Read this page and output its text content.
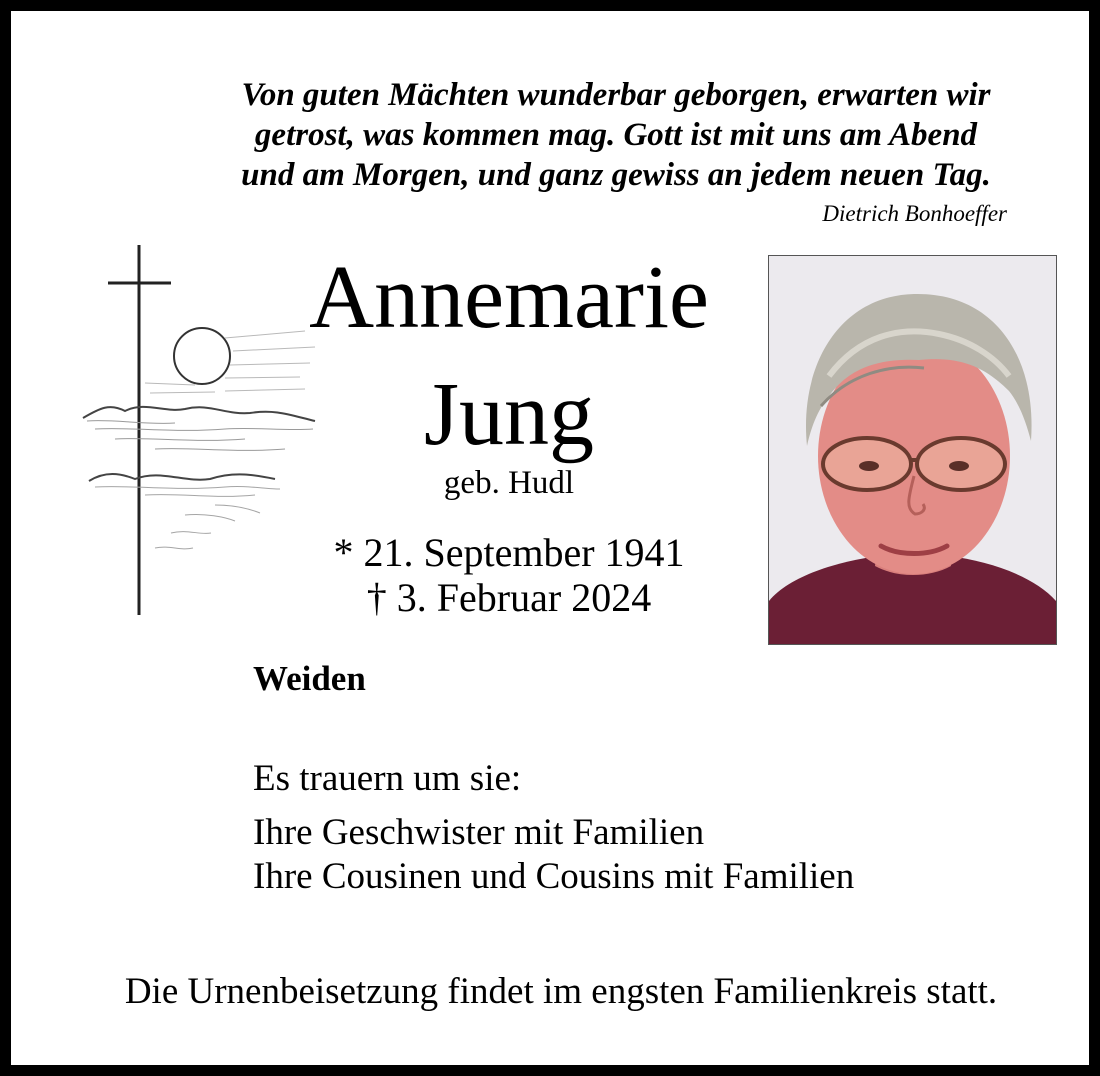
Von guten Mächten wunderbar geborgen, erwarten wir
getrost, was kommen mag. Gott ist mit uns am Abend
und am Morgen, und ganz gewiss an jedem neuen Tag.
Dietrich Bonhoeffer
Annemarie
Jung
geb. Hudl
* 21. September 1941
† 3. Februar 2024
Weiden
Es trauern um sie:
Ihre Geschwister mit Familien
Ihre Cousinen und Cousins mit Familien
Die Urnenbeisetzung findet im engsten Familienkreis statt.
